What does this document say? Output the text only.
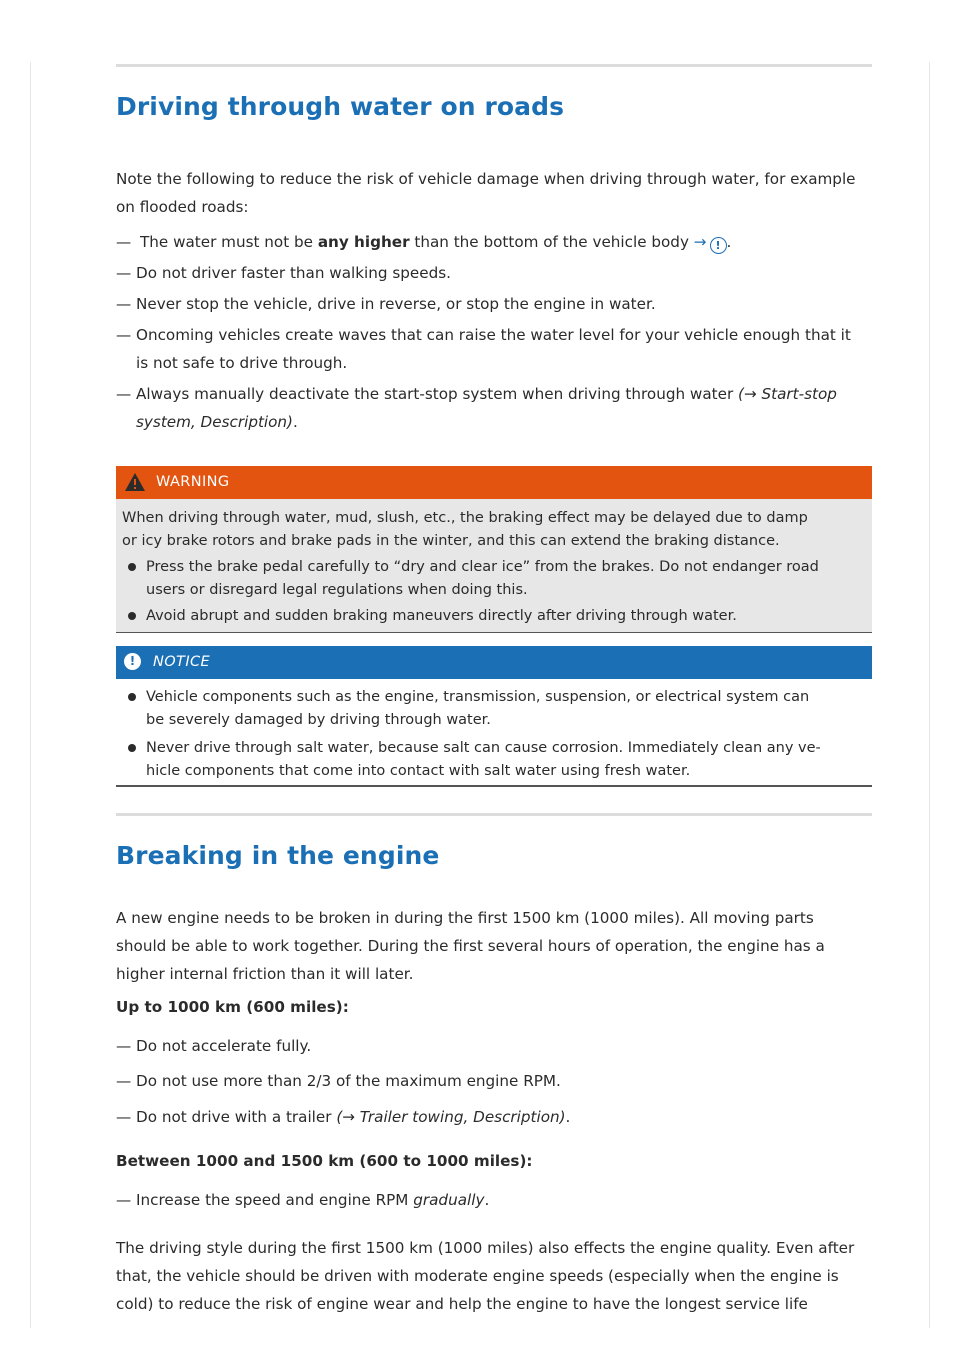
Driving through water on roads

Note the following to reduce the risk of vehicle damage when driving through water, for example
on flooded roads:

— The water must not be any higher than the bottom of the vehicle body → ! .
— Do not driver faster than walking speeds.
— Never stop the vehicle, drive in reverse, or stop the engine in water.
— Oncoming vehicles create waves that can raise the water level for your vehicle enough that it
is not safe to drive through.
— Always manually deactivate the start-stop system when driving through water (→ Start-stop
system, Description).
WARNING
When driving through water, mud, slush, etc., the braking effect may be delayed due to damp
or icy brake rotors and brake pads in the winter, and this can extend the braking distance.
Press the brake pedal carefully to “dry and clear ice” from the brakes. Do not endanger road
users or disregard legal regulations when doing this.
Avoid abrupt and sudden braking maneuvers directly after driving through water.
!	NOTICE
Vehicle components such as the engine, transmission, suspension, or electrical system can
be severely damaged by driving through water.
Never drive through salt water, because salt can cause corrosion. Immediately clean any ve-
hicle components that come into contact with salt water using fresh water.
Breaking in the engine

A new engine needs to be broken in during the first 1500 km (1000 miles). All moving parts
should be able to work together. During the first several hours of operation, the engine has a
higher internal friction than it will later.

Up to 1000 km (600 miles):
— Do not accelerate fully.
— Do not use more than 2/3 of the maximum engine RPM.
— Do not drive with a trailer (→ Trailer towing, Description).
Between 1000 and 1500 km (600 to 1000 miles):
— Increase the speed and engine RPM gradually.

The driving style during the first 1500 km (1000 miles) also effects the engine quality. Even after
that, the vehicle should be driven with moderate engine speeds (especially when the engine is
cold) to reduce the risk of engine wear and help the engine to have the longest service life
